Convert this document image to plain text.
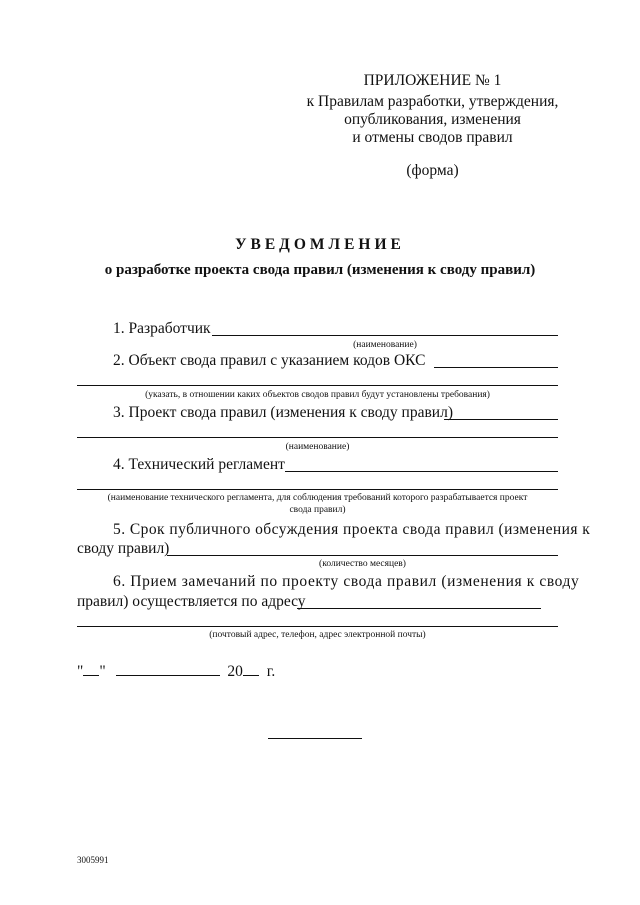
ПРИЛОЖЕНИЕ № 1
к Правилам разработки, утверждения,
опубликования, изменения
и отмены сводов правил
(форма)
УВЕДОМЛЕНИЕ
о разработке проекта свода правил (изменения к своду правил)
1. Разработчик
(наименование)
2. Объект свода правил с указанием кодов ОКС
(указать, в отношении каких объектов сводов правил будут установлены требования)
3. Проект свода правил (изменения к своду правил)
(наименование)
4. Технический регламент
(наименование технического регламента, для соблюдения требований которого разрабатывается проект
свода правил)
5. Срок публичного обсуждения проекта свода правил (изменения к
своду правил)
(количество месяцев)
6. Прием замечаний по проекту свода правил (изменения к своду
правил) осуществляется по адресу
(почтовый адрес, телефон, адрес электронной почты)
" "	20 г.
3005991
